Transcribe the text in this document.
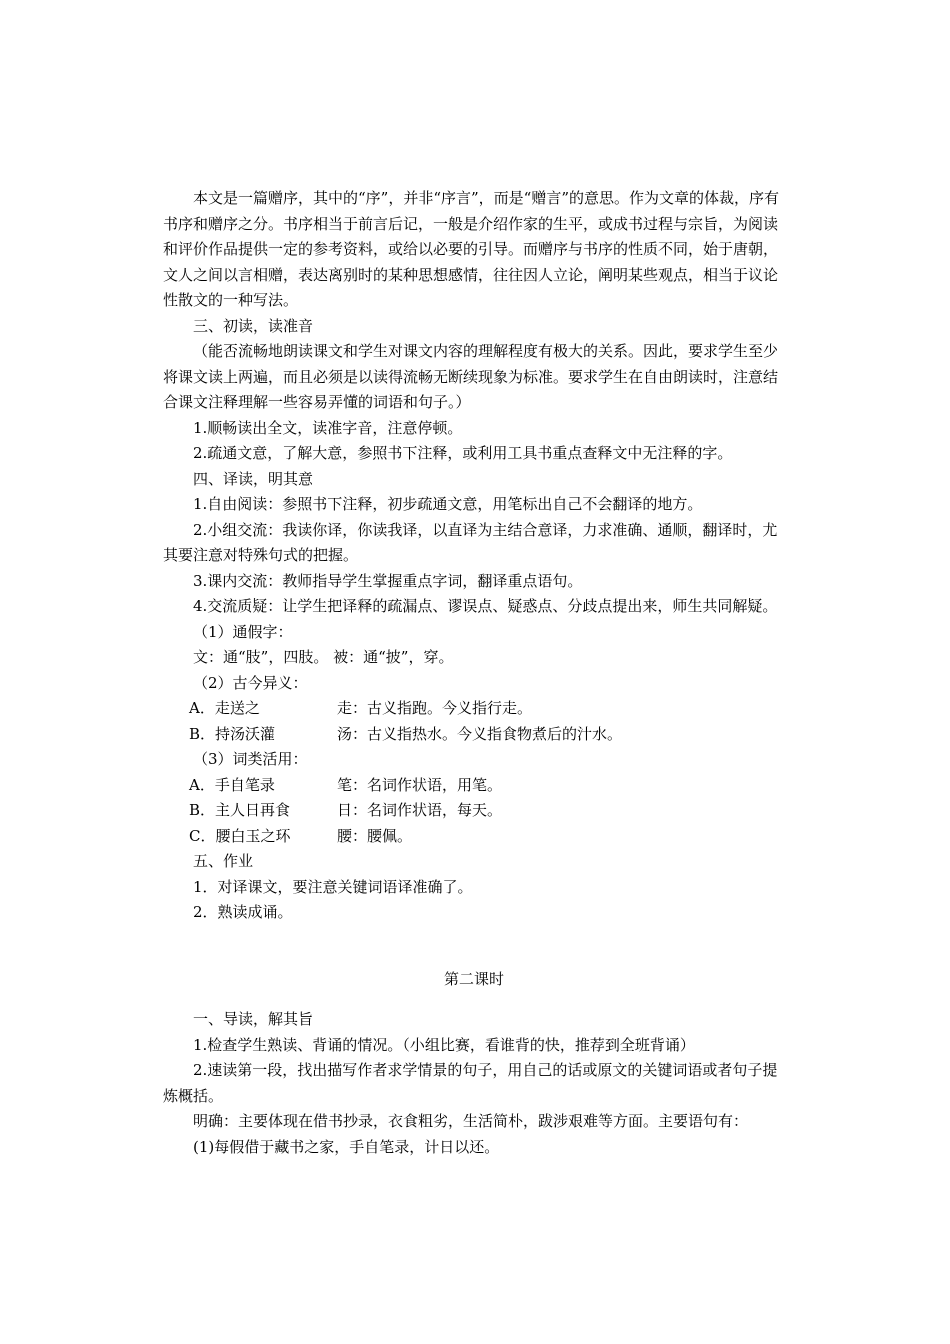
本文是一篇赠序，其中的“序”，并非“序言”，而是“赠言”的意思。作为文章的体裁，序有书序和赠序之分。书序相当于前言后记，一般是介绍作家的生平，或成书过程与宗旨，为阅读和评价作品提供一定的参考资料，或给以必要的引导。而赠序与书序的性质不同，始于唐朝，文人之间以言相赠，表达离别时的某种思想感情，往往因人立论，阐明某些观点，相当于议论性散文的一种写法。

三、初读，读准音

（能否流畅地朗读课文和学生对课文内容的理解程度有极大的关系。因此，要求学生至少将课文读上两遍，而且必须是以读得流畅无断续现象为标准。要求学生在自由朗读时，注意结合课文注释理解一些容易弄懂的词语和句子。）

1.顺畅读出全文，读准字音，注意停顿。

2.疏通文意，了解大意，参照书下注释，或利用工具书重点查释文中无注释的字。

四、译读，明其意

1.自由阅读：参照书下注释，初步疏通文意，用笔标出自己不会翻译的地方。

2.小组交流：我读你译，你读我译，以直译为主结合意译，力求准确、通顺，翻译时，尤其要注意对特殊句式的把握。

3.课内交流：教师指导学生掌握重点字词，翻译重点语句。

4.交流质疑：让学生把译释的疏漏点、谬误点、疑惑点、分歧点提出来，师生共同解疑。

（1）通假字：

文：通“肢”，四肢。 被：通“披”，穿。

（2）古今异义：

A．走送之	走：古义指跑。今义指行走。
B．持汤沃灌	汤：古义指热水。今义指食物煮后的汁水。

（3）词类活用：

A．手自笔录	笔：名词作状语，用笔。
B．主人日再食	日：名词作状语，每天。
C．腰白玉之环	腰：腰佩。

五、作业

1．对译课文，要注意关键词语译准确了。

2．熟读成诵。

第二课时

一、导读，解其旨

1.检查学生熟读、背诵的情况。（小组比赛，看谁背的快，推荐到全班背诵）

2.速读第一段，找出描写作者求学情景的句子，用自己的话或原文的关键词语或者句子提炼概括。

明确：主要体现在借书抄录，衣食粗劣，生活简朴，跋涉艰难等方面。主要语句有：

(1)每假借于藏书之家，手自笔录，计日以还。
